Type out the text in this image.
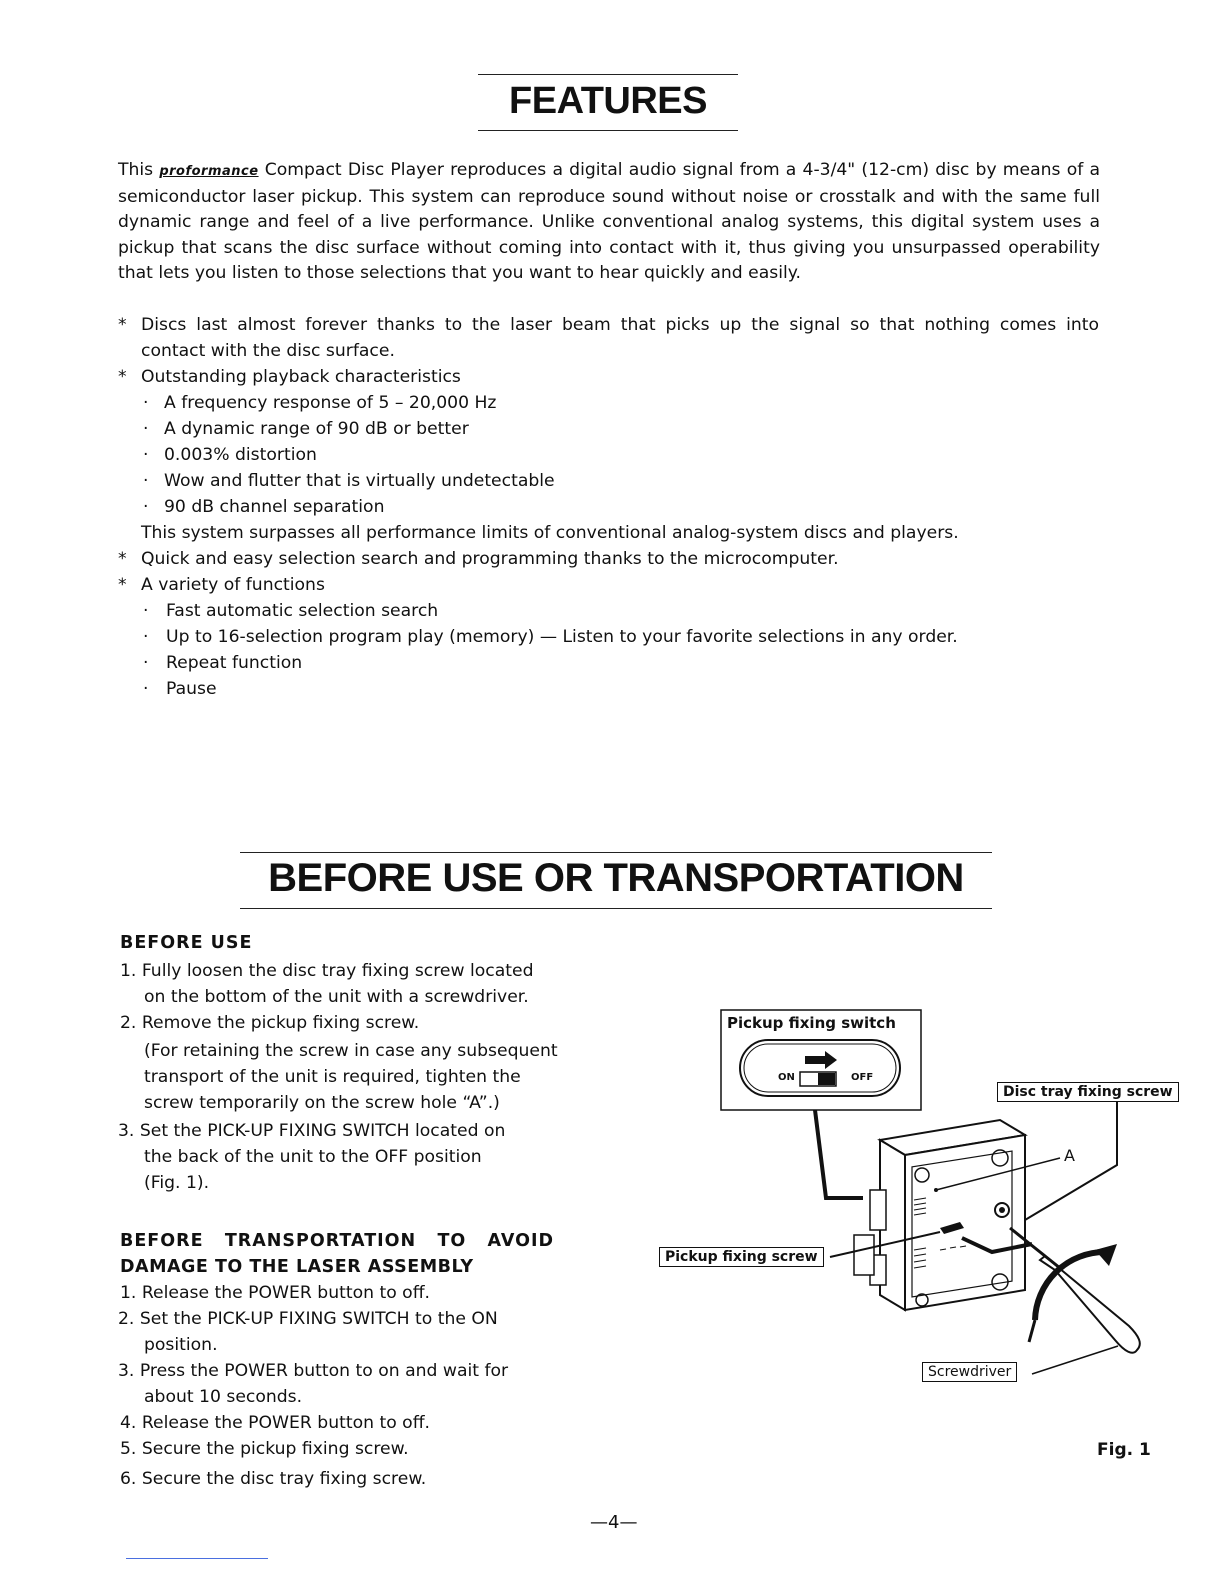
FEATURES
This proformance Compact Disc Player reproduces a digital audio signal from a 4-3/4" (12-cm) disc by means of a semiconductor laser pickup. This system can reproduce sound without noise or crosstalk and with the same full dynamic range and feel of a live performance. Unlike conventional analog systems, this digital system uses a pickup that scans the disc surface without coming into contact with it, thus giving you unsurpassed operability that lets you listen to those selections that you want to hear quickly and easily.
* Discs last almost forever thanks to the laser beam that picks up the signal so that nothing comes into
contact with the disc surface.
* Outstanding playback characteristics
· A frequency response of 5 – 20,000 Hz
· A dynamic range of 90 dB or better
· 0.003% distortion
· Wow and flutter that is virtually undetectable
· 90 dB channel separation
This system surpasses all performance limits of conventional analog-system discs and players.
* Quick and easy selection search and programming thanks to the microcomputer.
* A variety of functions
· Fast automatic selection search
· Up to 16-selection program play (memory) — Listen to your favorite selections in any order.
· Repeat function
· Pause
BEFORE USE OR TRANSPORTATION
BEFORE USE
1. Fully loosen the disc tray fixing screw located
on the bottom of the unit with a screwdriver.
2. Remove the pickup fixing screw.
(For retaining the screw in case any subsequent
transport of the unit is required, tighten the
screw temporarily on the screw hole “A”.)
3. Set the PICK-UP FIXING SWITCH located on
the back of the unit to the OFF position
(Fig. 1).
BEFORE   TRANSPORTATION   TO   AVOID
DAMAGE TO THE LASER ASSEMBLY
1. Release the POWER button to off.
2. Set the PICK-UP FIXING SWITCH to the ON
position.
3. Press the POWER button to on and wait for
about 10 seconds.
4. Release the POWER button to off.
5. Secure the pickup fixing screw.
6. Secure the disc tray fixing screw.
Pickup fixing switch
ON	OFF
Disc tray fixing screw
A
Pickup fixing screw
Screwdriver
Fig. 1
—4—
